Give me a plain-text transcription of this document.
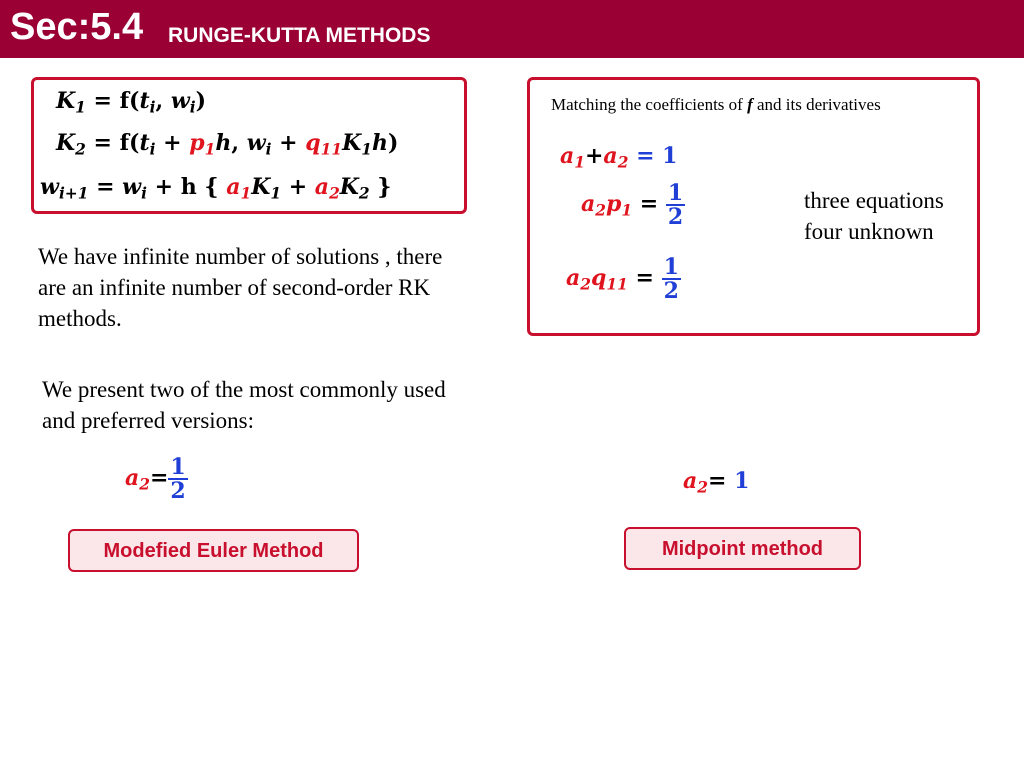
Sec:5.4 RUNGE-KUTTA METHODS
$K_1 = f(t_i$, $w_i$)
$K_2 = f(t_i + p_1h$, $w_i + q_{11}K_1h$)
$w_{i+1} = w_i + h$ { $a_1K_1 + a_2K_2$ }
We have infinite number of solutions , there are an infinite number of second-order RK methods.
We present two of the most commonly used and preferred versions:
Matching the coefficients of f and its derivatives
$a_1+a_2 = 1$
$a_2p_1 = \frac{1}{2}$
$a_2q_{11} = \frac{1}{2}$
three equations
four unknown
$a_2= \frac{1}{2}$	$a_2= 1$
Modefied Euler Method	Midpoint method
